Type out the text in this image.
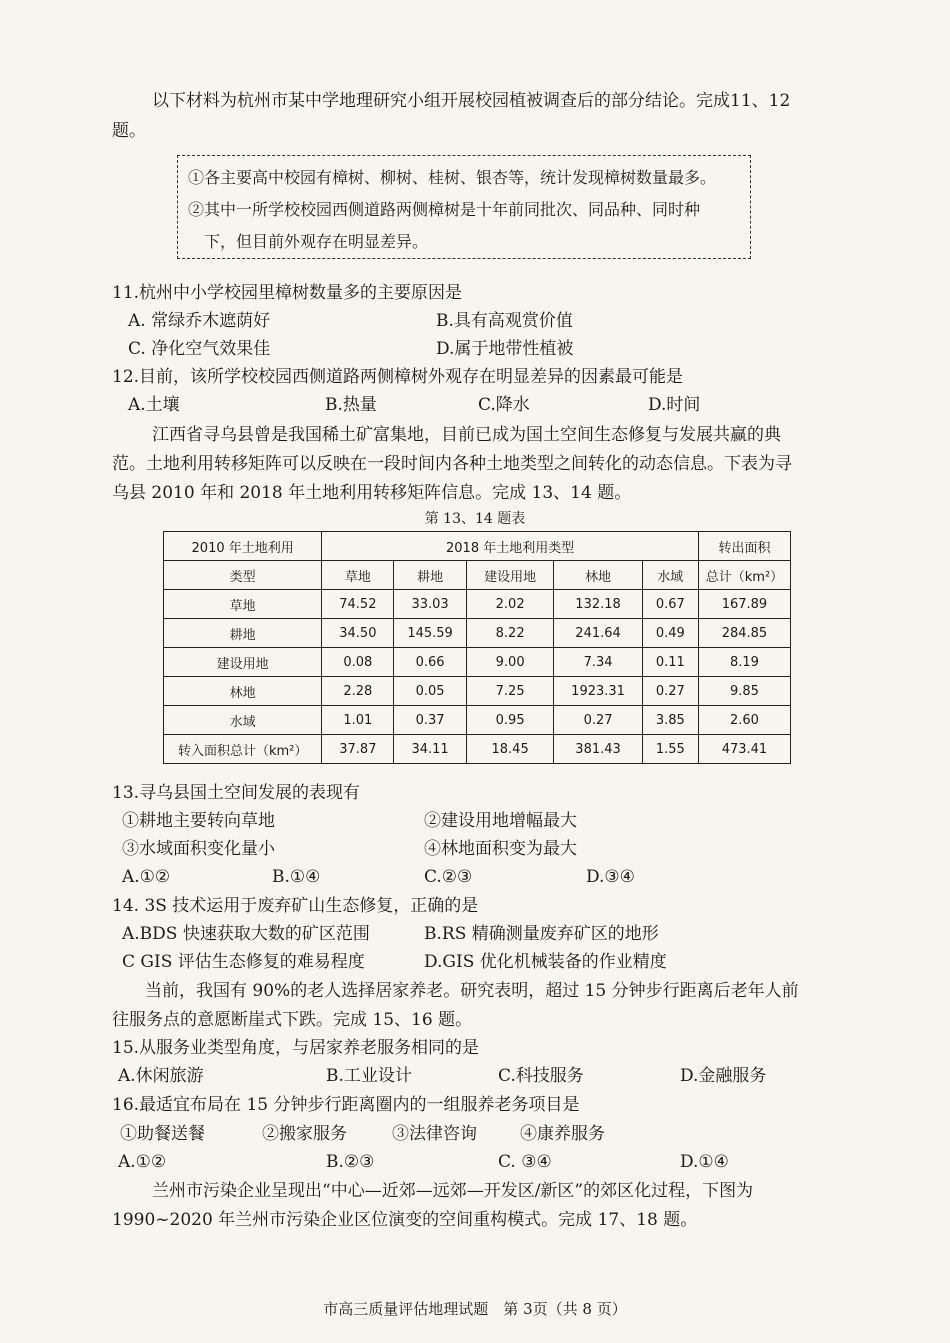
以下材料为杭州市某中学地理研究小组开展校园植被调查后的部分结论。完成11、12
题。
①各主要高中校园有樟树、柳树、桂树、银杏等，统计发现樟树数量最多。
②其中一所学校校园西侧道路两侧樟树是十年前同批次、同品种、同时种
下，但目前外观存在明显差异。
11.杭州中小学校园里樟树数量多的主要原因是
A. 常绿乔木遮荫好	B.具有高观赏价值
C. 净化空气效果佳	D.属于地带性植被
12.目前，该所学校校园西侧道路两侧樟树外观存在明显差异的因素最可能是
A.土壤	B.热量	C.降水	D.时间
江西省寻乌县曾是我国稀土矿富集地，目前已成为国土空间生态修复与发展共赢的典
范。土地利用转移矩阵可以反映在一段时间内各种土地类型之间转化的动态信息。下表为寻
乌县 2010 年和 2018 年土地利用转移矩阵信息。完成 13、14 题。
第 13、14 题表
2010 年土地利用	2018 年土地利用类型					转出面积
类型	草地	耕地	建设用地	林地	水域	总计（km²）
草地	74.52	33.03	2.02	132.18	0.67	167.89
耕地	34.50	145.59	8.22	241.64	0.49	284.85
建设用地	0.08	0.66	9.00	7.34	0.11	8.19
林地	2.28	0.05	7.25	1923.31	0.27	9.85
水域	1.01	0.37	0.95	0.27	3.85	2.60
转入面积总计（km²）	37.87	34.11	18.45	381.43	1.55	473.41
13.寻乌县国土空间发展的表现有
①耕地主要转向草地	②建设用地增幅最大
③水域面积变化量小	④林地面积变为最大
A.①②	B.①④	C.②③	D.③④
14. 3S 技术运用于废弃矿山生态修复，正确的是
A.BDS 快速获取大数的矿区范围	B.RS 精确测量废弃矿区的地形
C GIS 评估生态修复的难易程度	D.GIS 优化机械装备的作业精度
当前，我国有 90%的老人选择居家养老。研究表明，超过 15 分钟步行距离后老年人前
往服务点的意愿断崖式下跌。完成 15、16 题。
15.从服务业类型角度，与居家养老服务相同的是
A.休闲旅游	B.工业设计	C.科技服务	D.金融服务
16.最适宜布局在 15 分钟步行距离圈内的一组服养老务项目是
①助餐送餐	②搬家服务	③法律咨询	④康养服务
A.①②	B.②③	C. ③④	D.①④
兰州市污染企业呈现出“中心—近郊—远郊—开发区/新区”的郊区化过程，下图为
1990~2020 年兰州市污染企业区位演变的空间重构模式。完成 17、18 题。
市高三质量评估地理试题　第 3页（共 8 页）
